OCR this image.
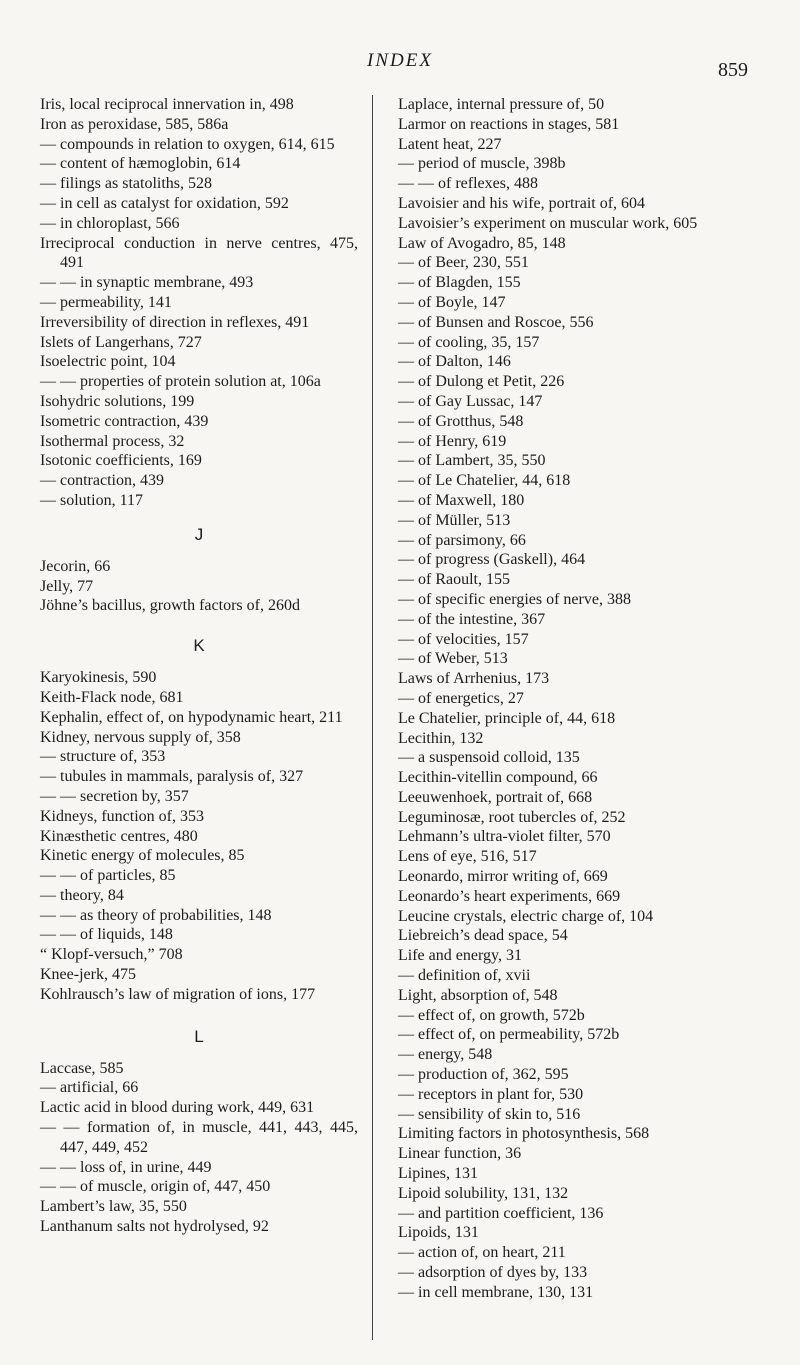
INDEX	859
Iris, local reciprocal innervation in, 498
Iron as peroxidase, 585, 586a
— compounds in relation to oxygen, 614, 615
— content of hæmoglobin, 614
— filings as statoliths, 528
— in cell as catalyst for oxidation, 592
— in chloroplast, 566
Irreciprocal conduction in nerve centres, 475, 491
— — in synaptic membrane, 493
— permeability, 141
Irreversibility of direction in reflexes, 491
Islets of Langerhans, 727
Isoelectric point, 104
— — properties of protein solution at, 106a
Isohydric solutions, 199
Isometric contraction, 439
Isothermal process, 32
Isotonic coefficients, 169
— contraction, 439
— solution, 117
J
Jecorin, 66
Jelly, 77
Jöhne’s bacillus, growth factors of, 260d
K
Karyokinesis, 590
Keith-Flack node, 681
Kephalin, effect of, on hypodynamic heart, 211
Kidney, nervous supply of, 358
— structure of, 353
— tubules in mammals, paralysis of, 327
— — secretion by, 357
Kidneys, function of, 353
Kinæsthetic centres, 480
Kinetic energy of molecules, 85
— — of particles, 85
— theory, 84
— — as theory of probabilities, 148
— — of liquids, 148
“ Klopf-versuch,” 708
Knee-jerk, 475
Kohlrausch’s law of migration of ions, 177
L
Laccase, 585
— artificial, 66
Lactic acid in blood during work, 449, 631
— — formation of, in muscle, 441, 443, 445, 447, 449, 452
— — loss of, in urine, 449
— — of muscle, origin of, 447, 450
Lambert’s law, 35, 550
Lanthanum salts not hydrolysed, 92
Laplace, internal pressure of, 50
Larmor on reactions in stages, 581
Latent heat, 227
— period of muscle, 398b
— — of reflexes, 488
Lavoisier and his wife, portrait of, 604
Lavoisier’s experiment on muscular work, 605
Law of Avogadro, 85, 148
— of Beer, 230, 551
— of Blagden, 155
— of Boyle, 147
— of Bunsen and Roscoe, 556
— of cooling, 35, 157
— of Dalton, 146
— of Dulong et Petit, 226
— of Gay Lussac, 147
— of Grotthus, 548
— of Henry, 619
— of Lambert, 35, 550
— of Le Chatelier, 44, 618
— of Maxwell, 180
— of Müller, 513
— of parsimony, 66
— of progress (Gaskell), 464
— of Raoult, 155
— of specific energies of nerve, 388
— of the intestine, 367
— of velocities, 157
— of Weber, 513
Laws of Arrhenius, 173
— of energetics, 27
Le Chatelier, principle of, 44, 618
Lecithin, 132
— a suspensoid colloid, 135
Lecithin-vitellin compound, 66
Leeuwenhoek, portrait of, 668
Leguminosæ, root tubercles of, 252
Lehmann’s ultra-violet filter, 570
Lens of eye, 516, 517
Leonardo, mirror writing of, 669
Leonardo’s heart experiments, 669
Leucine crystals, electric charge of, 104
Liebreich’s dead space, 54
Life and energy, 31
— definition of, xvii
Light, absorption of, 548
— effect of, on growth, 572b
— effect of, on permeability, 572b
— energy, 548
— production of, 362, 595
— receptors in plant for, 530
— sensibility of skin to, 516
Limiting factors in photosynthesis, 568
Linear function, 36
Lipines, 131
Lipoid solubility, 131, 132
— and partition coefficient, 136
Lipoids, 131
— action of, on heart, 211
— adsorption of dyes by, 133
— in cell membrane, 130, 131
